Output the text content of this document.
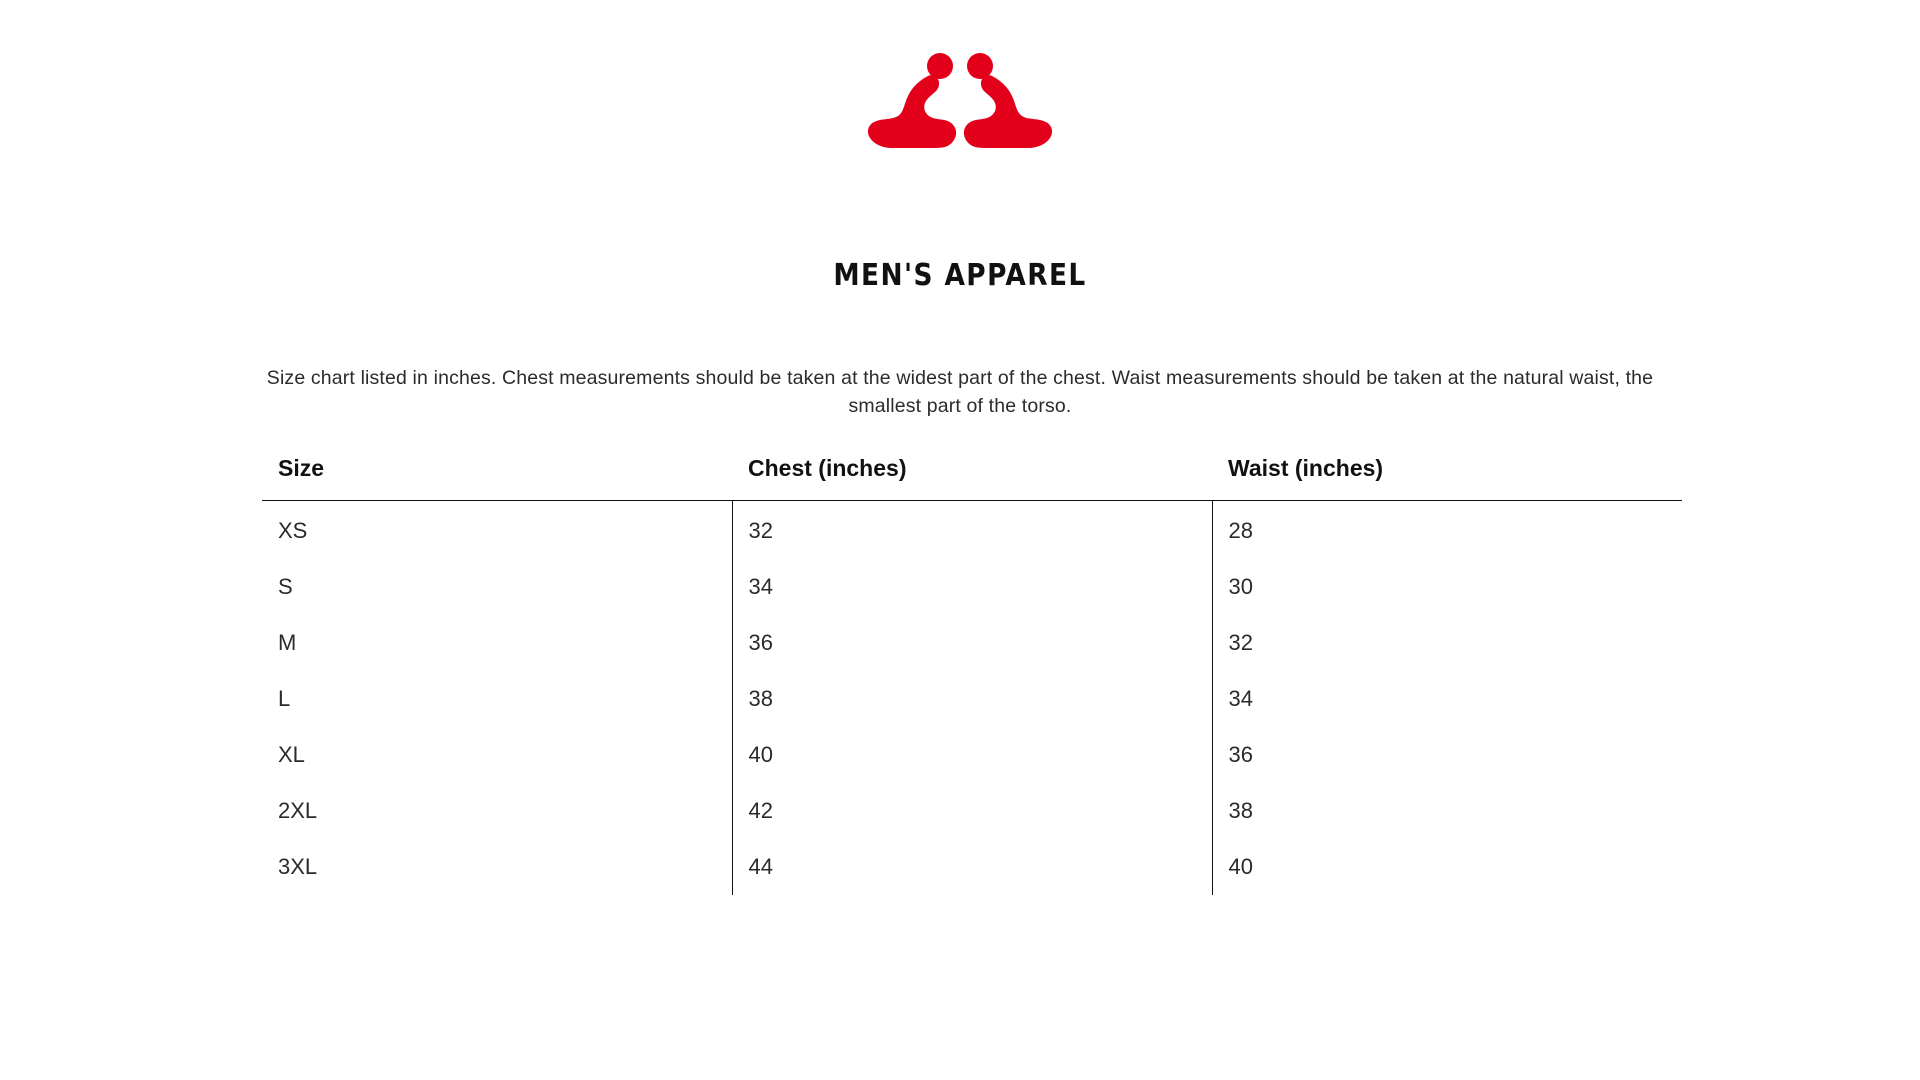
MEN'S APPAREL
Size chart listed in inches. Chest measurements should be taken at the widest part of the chest. Waist measurements should be taken at the natural waist, the smallest part of the torso.
Size	Chest (inches)	Waist (inches)
XS	32	28
S	34	30
M	36	32
L	38	34
XL	40	36
2XL	42	38
3XL	44	40
